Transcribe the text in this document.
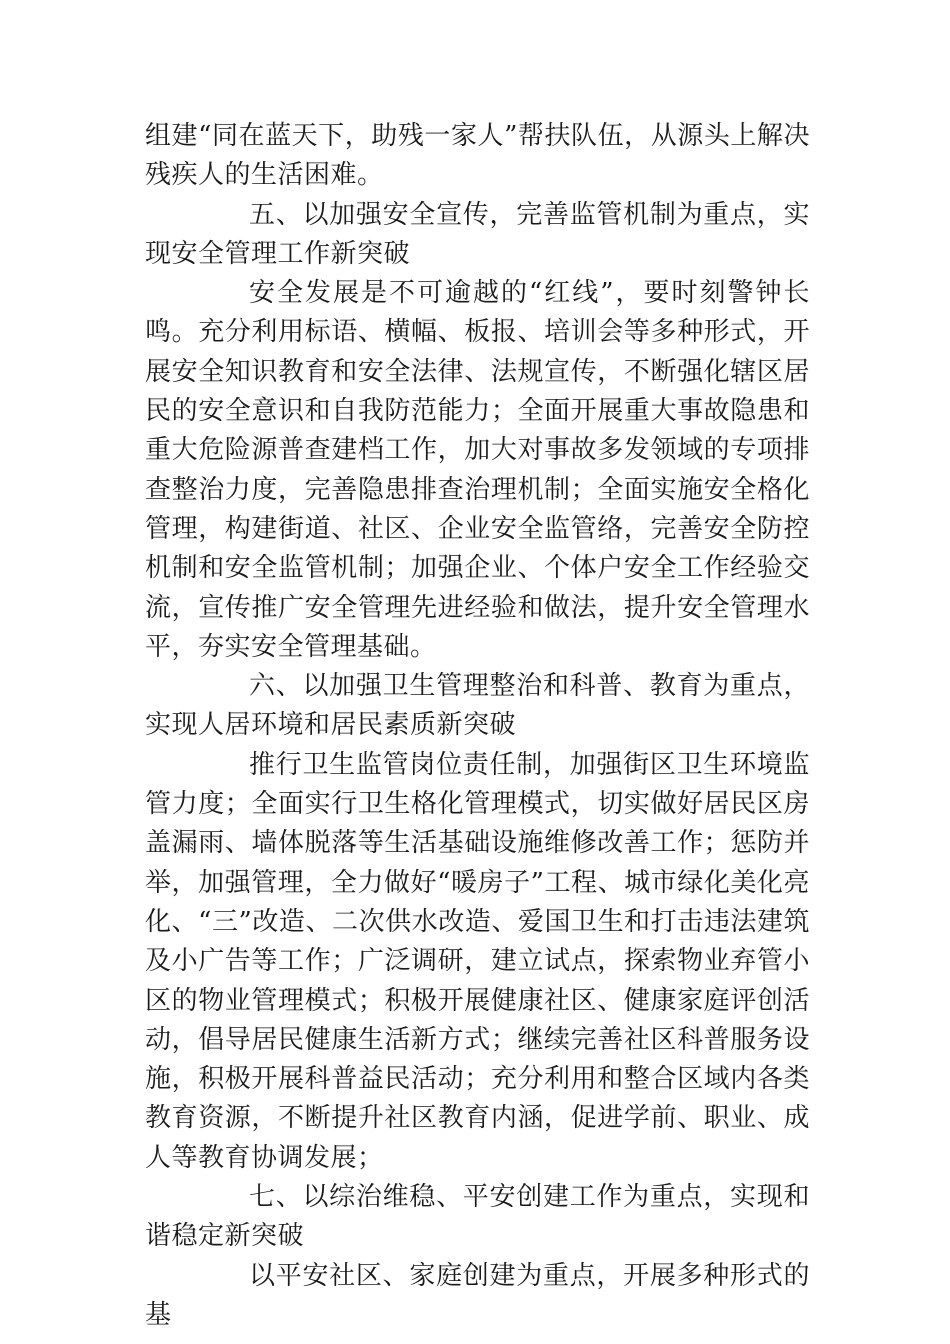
组建“同在蓝天下，助残一家人”帮扶队伍，从源头上解决残疾人的生活困难。

五、以加强安全宣传，完善监管机制为重点，实现安全管理工作新突破

安全发展是不可逾越的“红线”，要时刻警钟长鸣。充分利用标语、横幅、板报、培训会等多种形式，开展安全知识教育和安全法律、法规宣传，不断强化辖区居民的安全意识和自我防范能力；全面开展重大事故隐患和重大危险源普查建档工作，加大对事故多发领域的专项排查整治力度，完善隐患排查治理机制；全面实施安全格化管理，构建街道、社区、企业安全监管络，完善安全防控机制和安全监管机制；加强企业、个体户安全工作经验交流，宣传推广安全管理先进经验和做法，提升安全管理水平，夯实安全管理基础。

六、以加强卫生管理整治和科普、教育为重点，实现人居环境和居民素质新突破

推行卫生监管岗位责任制，加强街区卫生环境监管力度；全面实行卫生格化管理模式，切实做好居民区房盖漏雨、墙体脱落等生活基础设施维修改善工作；惩防并举，加强管理，全力做好“暖房子”工程、城市绿化美化亮化、“三”改造、二次供水改造、爱国卫生和打击违法建筑及小广告等工作；广泛调研，建立试点，探索物业弃管小区的物业管理模式；积极开展健康社区、健康家庭评创活动，倡导居民健康生活新方式；继续完善社区科普服务设施，积极开展科普益民活动；充分利用和整合区域内各类教育资源，不断提升社区教育内涵，促进学前、职业、成人等教育协调发展；

七、以综治维稳、平安创建工作为重点，实现和谐稳定新突破

以平安社区、家庭创建为重点，开展多种形式的基
